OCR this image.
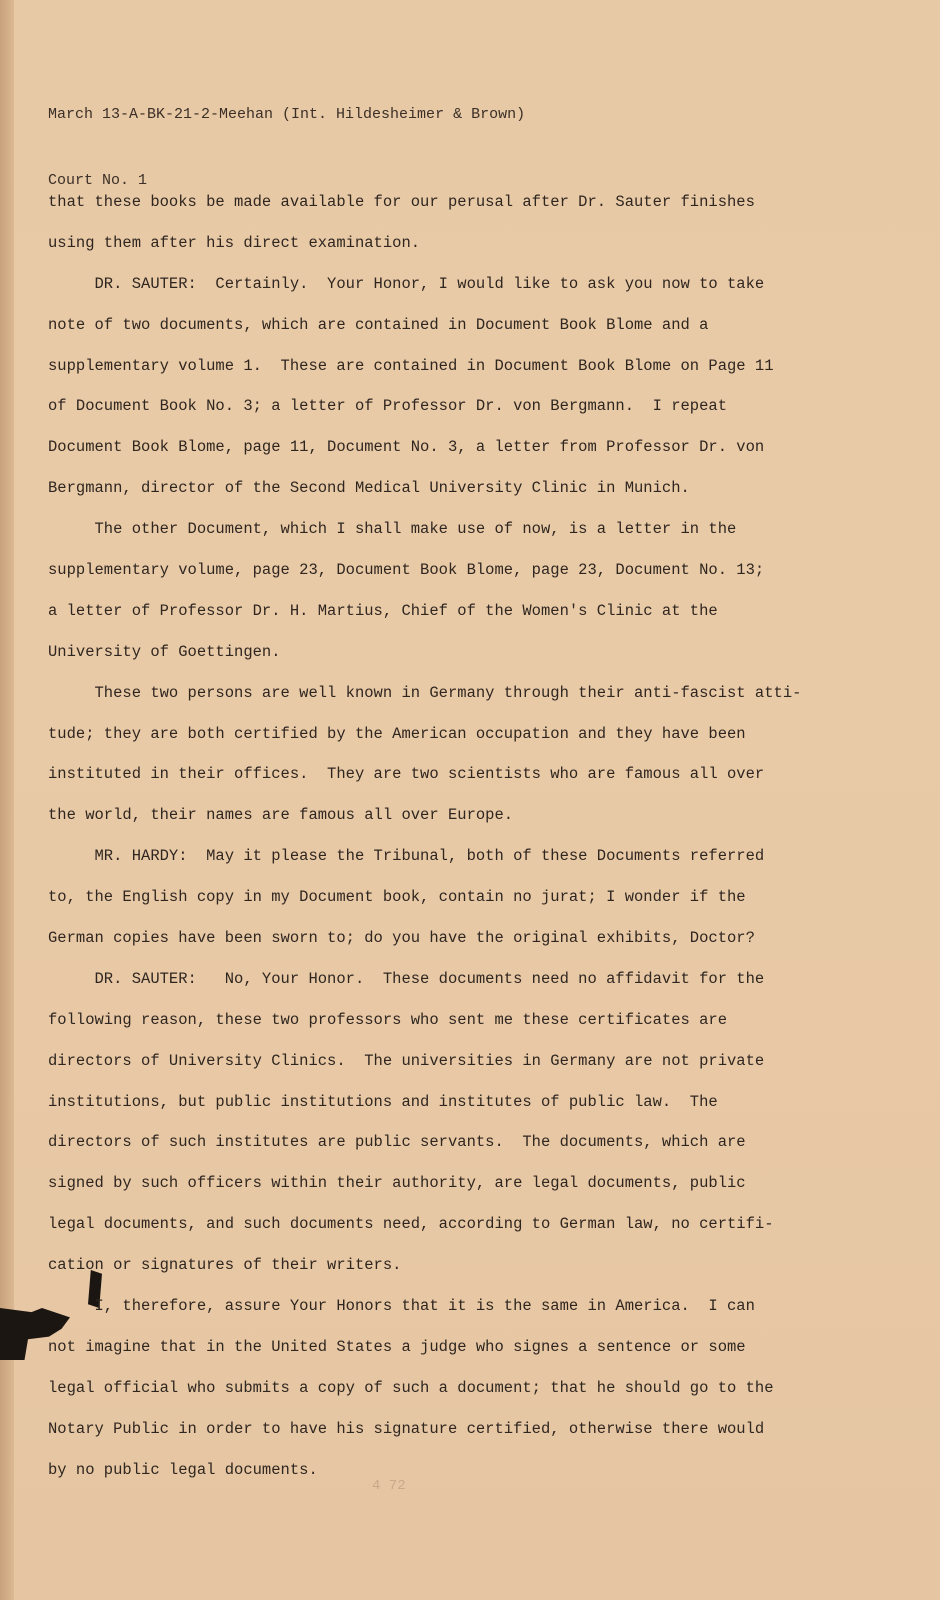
March 13-A-BK-21-2-Meehan (Int. Hildesheimer & Brown)

Court No. 1

that these books be made available for our perusal after Dr. Sauter finishes
using them after his direct examination.
DR. SAUTER:  Certainly.  Your Honor, I would like to ask you now to take
note of two documents, which are contained in Document Book Blome and a
supplementary volume 1.  These are contained in Document Book Blome on Page 11
of Document Book No. 3; a letter of Professor Dr. von Bergmann.  I repeat
Document Book Blome, page 11, Document No. 3, a letter from Professor Dr. von
Bergmann, director of the Second Medical University Clinic in Munich.
The other Document, which I shall make use of now, is a letter in the
supplementary volume, page 23, Document Book Blome, page 23, Document No. 13;
a letter of Professor Dr. H. Martius, Chief of the Women's Clinic at the
University of Goettingen.
These two persons are well known in Germany through their anti-fascist atti-
tude; they are both certified by the American occupation and they have been
instituted in their offices.  They are two scientists who are famous all over
the world, their names are famous all over Europe.
MR. HARDY:  May it please the Tribunal, both of these Documents referred
to, the English copy in my Document book, contain no jurat; I wonder if the
German copies have been sworn to; do you have the original exhibits, Doctor?
DR. SAUTER:   No, Your Honor.  These documents need no affidavit for the
following reason, these two professors who sent me these certificates are
directors of University Clinics.  The universities in Germany are not private
institutions, but public institutions and institutes of public law.  The
directors of such institutes are public servants.  The documents, which are
signed by such officers within their authority, are legal documents, public
legal documents, and such documents need, according to German law, no certifi-
cation or signatures of their writers.
I, therefore, assure Your Honors that it is the same in America.  I can
not imagine that in the United States a judge who signes a sentence or some
legal official who submits a copy of such a document; that he should go to the
Notary Public in order to have his signature certified, otherwise there would
by no public legal documents.
4 72
